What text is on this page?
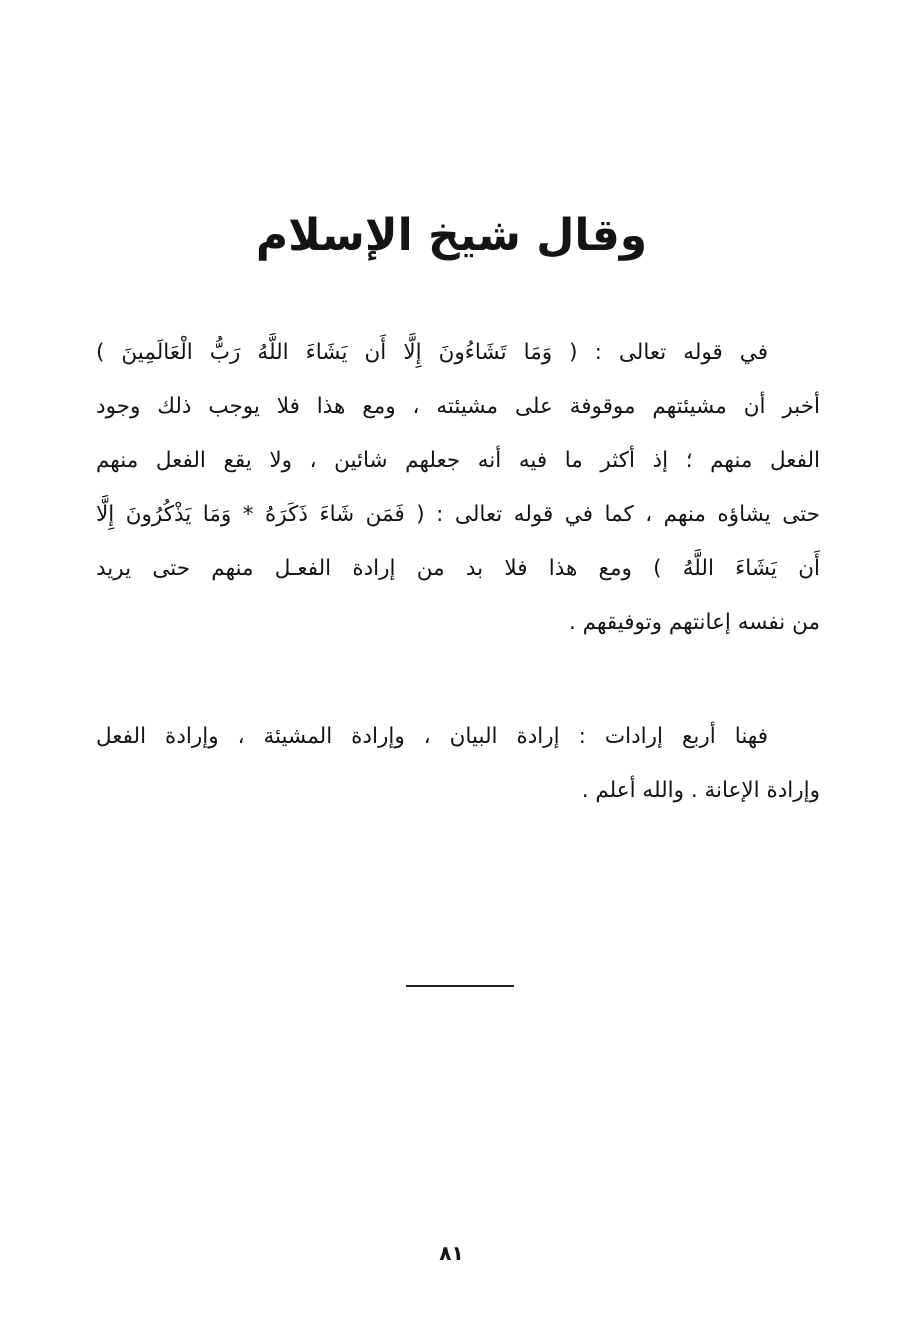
وقال شيخ الإسلام
في قوله تعالى : ( وَمَا تَشَاءُونَ إِلَّا أَن يَشَاءَ اللَّهُ رَبُّ الْعَالَمِينَ )
أخبر أن مشيئتهم موقوفة على مشيئته ، ومع هذا فلا يوجب ذلك وجود
الفعل منهم ؛ إذ أكثر ما فيه أنه جعلهم شائين ، ولا يقع الفعل منهم
حتى يشاؤه منهم ، كما في قوله تعالى : ( فَمَن شَاءَ ذَكَرَهُ * وَمَا يَذْكُرُونَ إِلَّا
أَن يَشَاءَ اللَّهُ ) ومع هذا فلا بد من إرادة الفعـل منهم حتى يريد
من نفسه إعانتهم وتوفيقهم .
فهنا أربع إرادات : إرادة البيان ، وإرادة المشيئة ، وإرادة الفعل
وإرادة الإعانة . والله أعلم .
٨١
